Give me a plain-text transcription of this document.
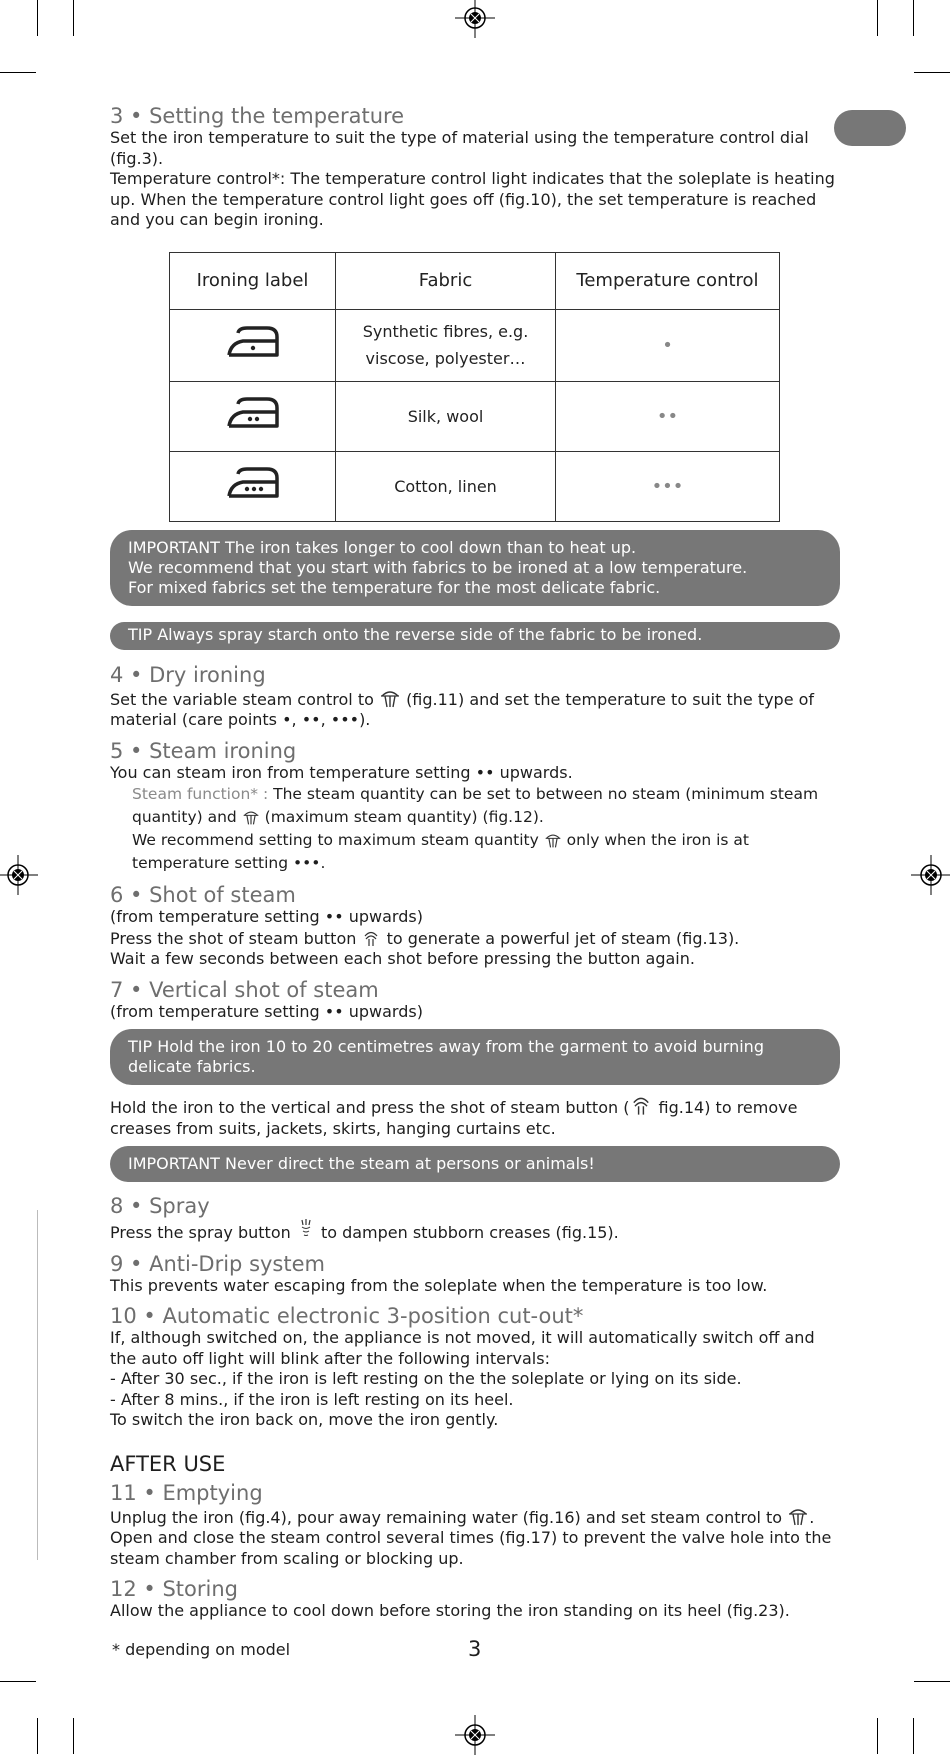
3 • Setting the temperature

Set the iron temperature to suit the type of material using the temperature control dial (fig.3).

Temperature control*: The temperature control light indicates that the soleplate is heating up. When the temperature control light goes off (fig.10), the set temperature is reached and you can begin ironing.

Ironing label	Fabric	Temperature control
	Synthetic fibres, e.g. viscose, polyester…	•
	Silk, wool	••
	Cotton, linen	•••
IMPORTANT The iron takes longer to cool down than to heat up.
We recommend that you start with fabrics to be ironed at a low temperature.
For mixed fabrics set the temperature for the most delicate fabric.
TIP Always spray starch onto the reverse side of the fabric to be ironed.
4 • Dry ironing

Set the variable steam control to (fig.11) and set the temperature to suit the type of material (care points •, ••, •••).

5 • Steam ironing

You can steam iron from temperature setting •• upwards.

Steam function* : The steam quantity can be set to between no steam (minimum steam quantity) and (maximum steam quantity) (fig.12).

We recommend setting to maximum steam quantity only when the iron is at temperature setting •••.

6 • Shot of steam

(from temperature setting •• upwards)

Press the shot of steam button to generate a powerful jet of steam (fig.13).

Wait a few seconds between each shot before pressing the button again.

7 • Vertical shot of steam

(from temperature setting •• upwards)

TIP Hold the iron 10 to 20 centimetres away from the garment to avoid burning delicate fabrics.

Hold the iron to the vertical and press the shot of steam button ( fig.14) to remove creases from suits, jackets, skirts, hanging curtains etc.

IMPORTANT Never direct the steam at persons or animals!
8 • Spray

Press the spray button to dampen stubborn creases (fig.15).

9 • Anti-Drip system

This prevents water escaping from the soleplate when the temperature is too low.

10 • Automatic electronic 3-position cut-out*

If, although switched on, the appliance is not moved, it will automatically switch off and the auto off light will blink after the following intervals:

- After 30 sec., if the iron is left resting on the the soleplate or lying on its side.

- After 8 mins., if the iron is left resting on its heel.

To switch the iron back on, move the iron gently.

AFTER USE
11 • Emptying

Unplug the iron (fig.4), pour away remaining water (fig.16) and set steam control to . Open and close the steam control several times (fig.17) to prevent the valve hole into the steam chamber from scaling or blocking up.

12 • Storing

Allow the appliance to cool down before storing the iron standing on its heel (fig.23).

* depending on model	3
